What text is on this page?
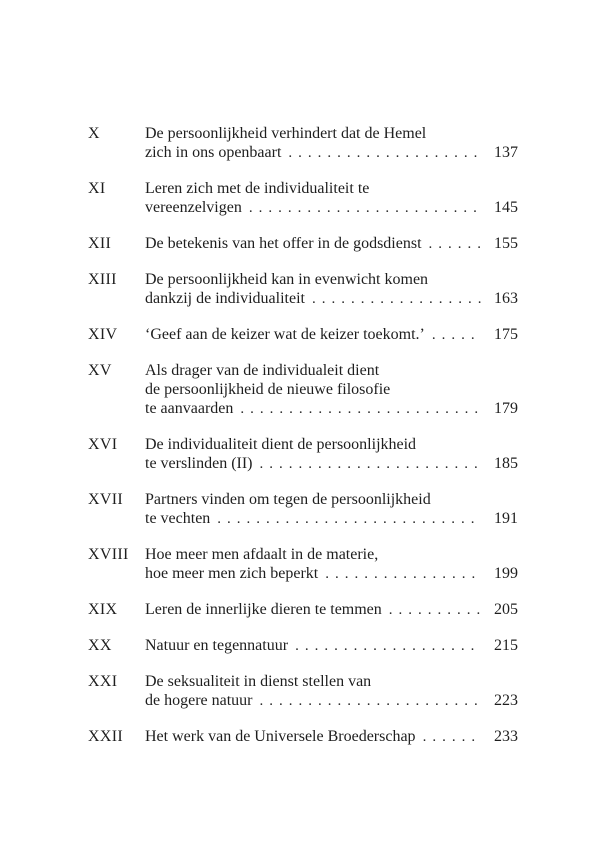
X	De persoonlijkheid verhindert dat de Hemel
zich in ons openbaart .....	137
XI	Leren zich met de individualiteit te
vereenzelvigen .....	145
XII	De betekenis van het offer in de godsdienst .....	155
XIII	De persoonlijkheid kan in evenwicht komen
dankzij de individualiteit .....	163
XIV	‘Geef aan de keizer wat de keizer toekomt.’ .....	175
XV	Als drager van de individualeit dient
de persoonlijkheid de nieuwe filosofie
te aanvaarden .....	179
XVI	De individualiteit dient de persoonlijkheid
te verslinden (II) .....	185
XVII	Partners vinden om tegen de persoonlijkheid
te vechten .....	191
XVIII	Hoe meer men afdaalt in de materie,
hoe meer men zich beperkt .....	199
XIX	Leren de innerlijke dieren te temmen .....	205
XX	Natuur en tegennatuur .....	215
XXI	De seksualiteit in dienst stellen van
de hogere natuur .....	223
XXII	Het werk van de Universele Broederschap .....	233
